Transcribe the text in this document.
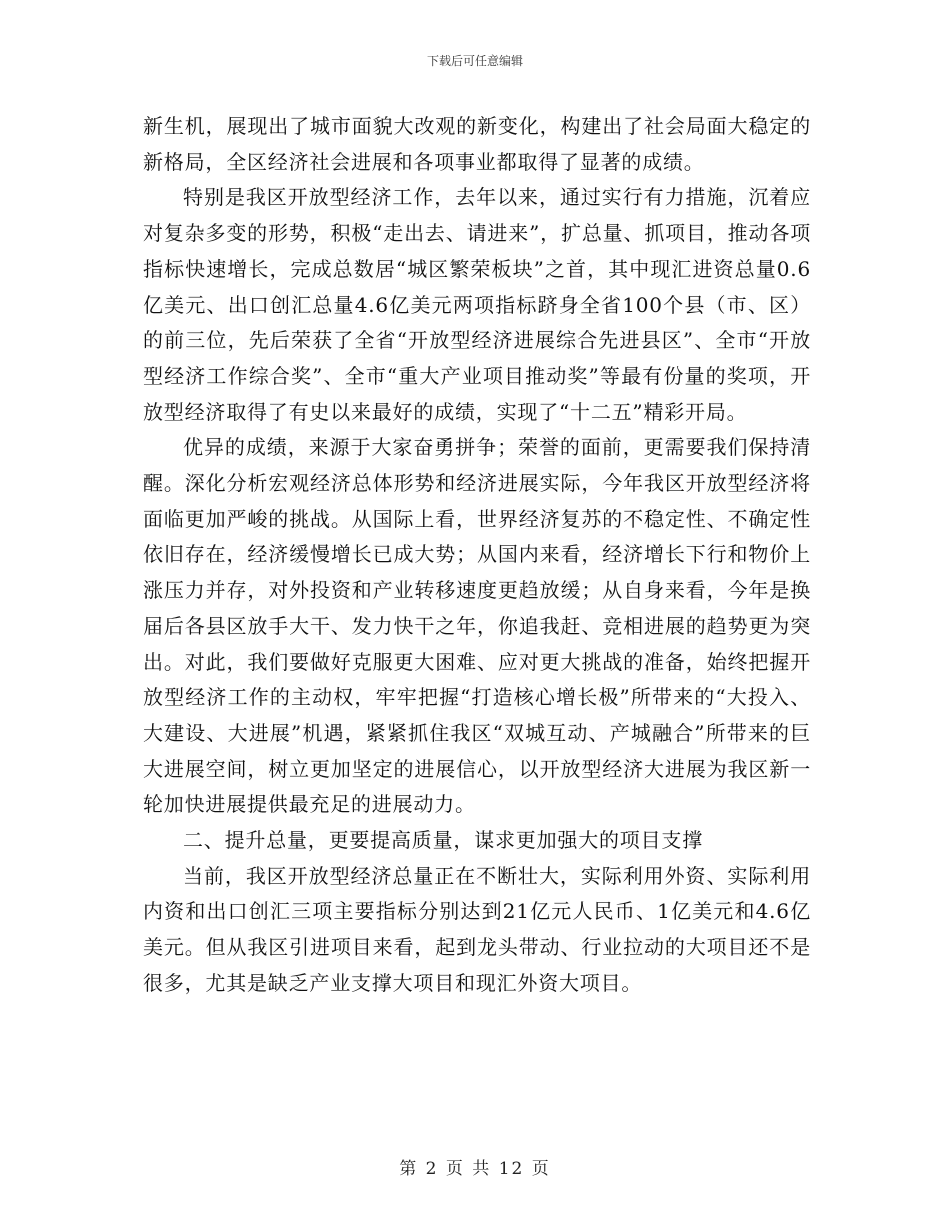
下载后可任意编辑

新生机，展现出了城市面貌大改观的新变化，构建出了社会局面大稳定的新格局，全区经济社会进展和各项事业都取得了显著的成绩。

特别是我区开放型经济工作，去年以来，通过实行有力措施，沉着应对复杂多变的形势，积极“走出去、请进来”，扩总量、抓项目，推动各项指标快速增长，完成总数居“城区繁荣板块”之首，其中现汇进资总量0.6亿美元、出口创汇总量4.6亿美元两项指标跻身全省100个县（市、区）的前三位，先后荣获了全省“开放型经济进展综合先进县区”、全市“开放型经济工作综合奖”、全市“重大产业项目推动奖”等最有份量的奖项，开放型经济取得了有史以来最好的成绩，实现了“十二五”精彩开局。

优异的成绩，来源于大家奋勇拼争；荣誉的面前，更需要我们保持清醒。深化分析宏观经济总体形势和经济进展实际，今年我区开放型经济将面临更加严峻的挑战。从国际上看，世界经济复苏的不稳定性、不确定性依旧存在，经济缓慢增长已成大势；从国内来看，经济增长下行和物价上涨压力并存，对外投资和产业转移速度更趋放缓；从自身来看，今年是换届后各县区放手大干、发力快干之年，你追我赶、竞相进展的趋势更为突出。对此，我们要做好克服更大困难、应对更大挑战的准备，始终把握开放型经济工作的主动权，牢牢把握“打造核心增长极”所带来的“大投入、大建设、大进展”机遇，紧紧抓住我区“双城互动、产城融合”所带来的巨大进展空间，树立更加坚定的进展信心，以开放型经济大进展为我区新一轮加快进展提供最充足的进展动力。

二、提升总量，更要提高质量，谋求更加强大的项目支撑

当前，我区开放型经济总量正在不断壮大，实际利用外资、实际利用内资和出口创汇三项主要指标分别达到21亿元人民币、1亿美元和4.6亿美元。但从我区引进项目来看，起到龙头带动、行业拉动的大项目还不是很多，尤其是缺乏产业支撑大项目和现汇外资大项目。

第 2 页 共 12 页
